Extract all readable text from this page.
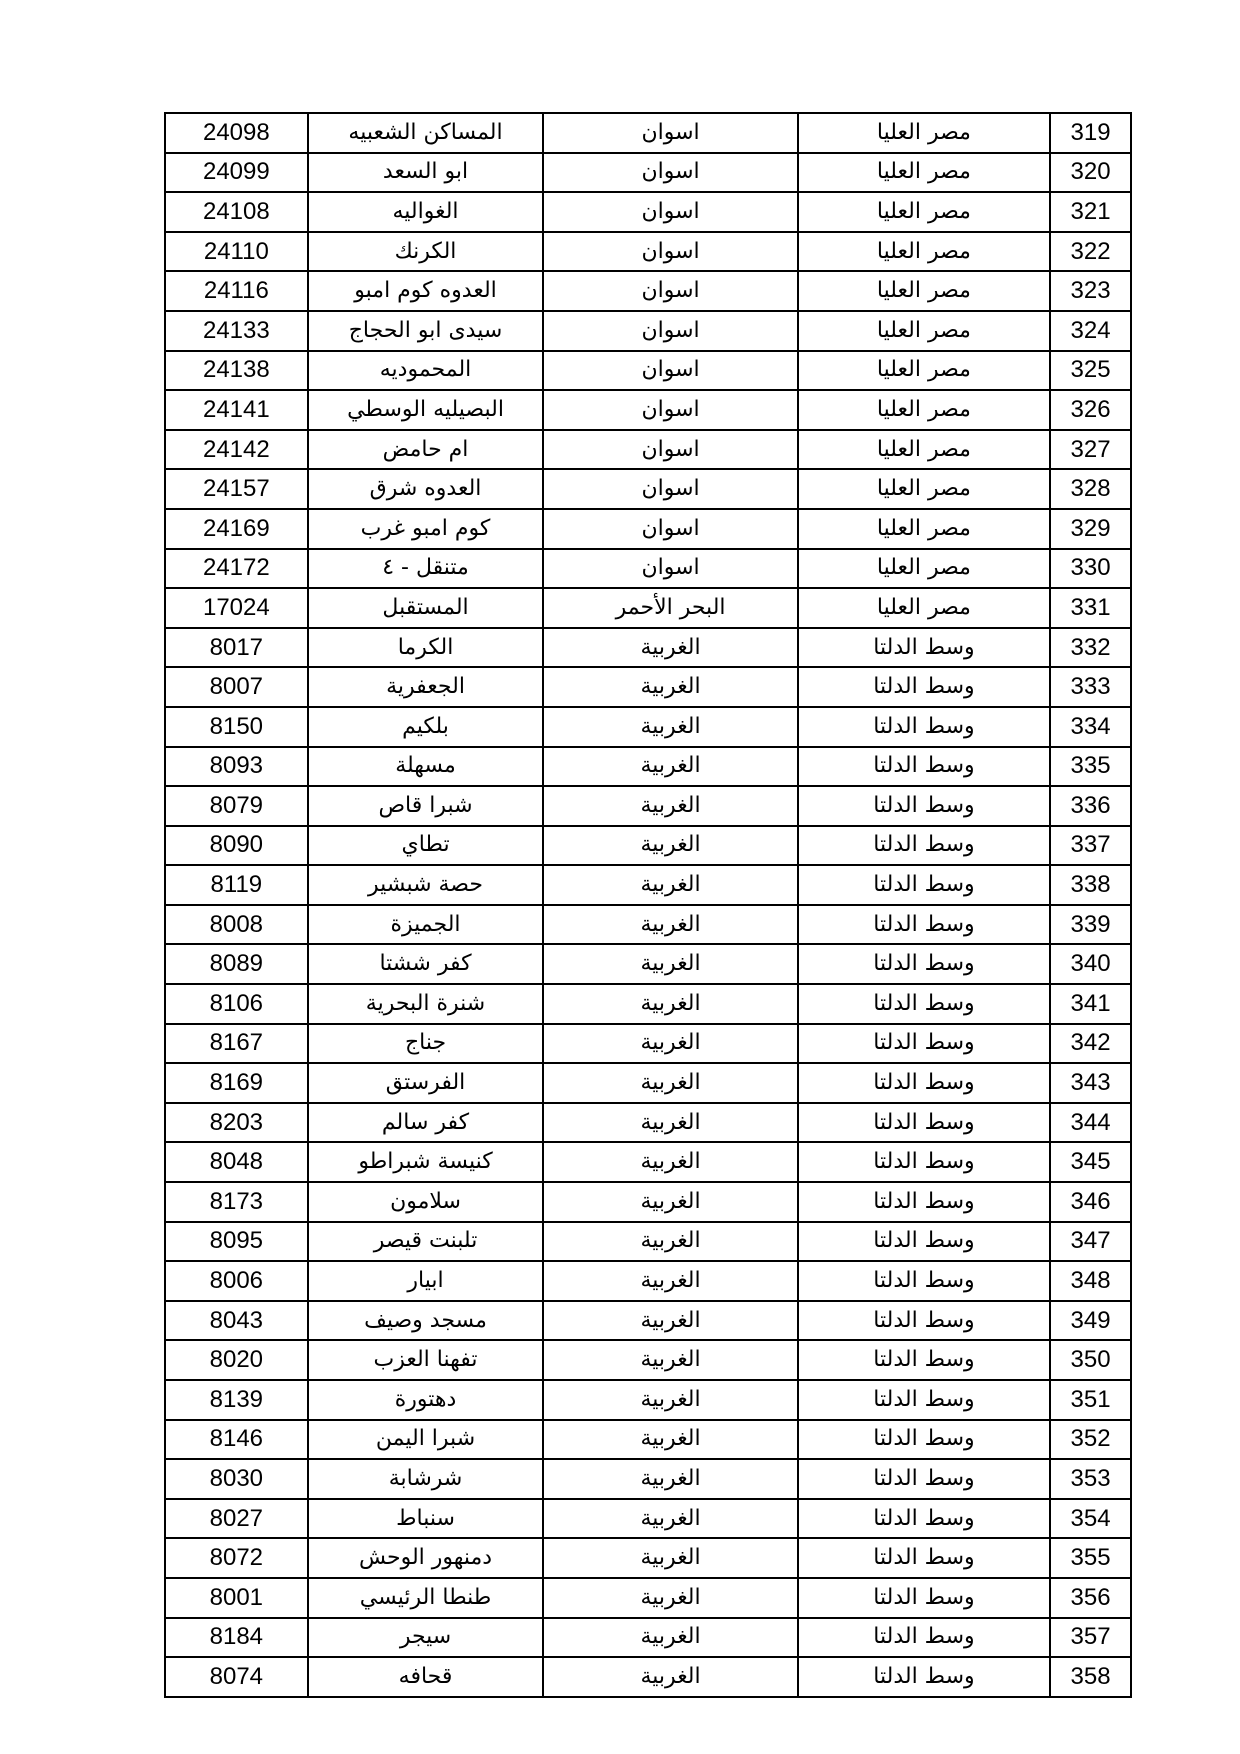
24098	المساكن الشعبيه	اسوان	مصر العليا	319
24099	ابو السعد	اسوان	مصر العليا	320
24108	الغواليه	اسوان	مصر العليا	321
24110	الكرنك	اسوان	مصر العليا	322
24116	العدوه كوم امبو	اسوان	مصر العليا	323
24133	سيدى ابو الحجاج	اسوان	مصر العليا	324
24138	المحموديه	اسوان	مصر العليا	325
24141	البصيليه الوسطي	اسوان	مصر العليا	326
24142	ام حامض	اسوان	مصر العليا	327
24157	العدوه شرق	اسوان	مصر العليا	328
24169	كوم امبو غرب	اسوان	مصر العليا	329
24172	متنقل - ٤	اسوان	مصر العليا	330
17024	المستقبل	البحر الأحمر	مصر العليا	331
8017	الكرما	الغربية	وسط الدلتا	332
8007	الجعفرية	الغربية	وسط الدلتا	333
8150	بلكيم	الغربية	وسط الدلتا	334
8093	مسهلة	الغربية	وسط الدلتا	335
8079	شبرا قاص	الغربية	وسط الدلتا	336
8090	تطاي	الغربية	وسط الدلتا	337
8119	حصة شبشير	الغربية	وسط الدلتا	338
8008	الجميزة	الغربية	وسط الدلتا	339
8089	كفر ششتا	الغربية	وسط الدلتا	340
8106	شنرة البحرية	الغربية	وسط الدلتا	341
8167	جناج	الغربية	وسط الدلتا	342
8169	الفرستق	الغربية	وسط الدلتا	343
8203	كفر سالم	الغربية	وسط الدلتا	344
8048	كنيسة شبراطو	الغربية	وسط الدلتا	345
8173	سلامون	الغربية	وسط الدلتا	346
8095	تلبنت قيصر	الغربية	وسط الدلتا	347
8006	ابيار	الغربية	وسط الدلتا	348
8043	مسجد وصيف	الغربية	وسط الدلتا	349
8020	تفهنا العزب	الغربية	وسط الدلتا	350
8139	دهتورة	الغربية	وسط الدلتا	351
8146	شبرا اليمن	الغربية	وسط الدلتا	352
8030	شرشابة	الغربية	وسط الدلتا	353
8027	سنباط	الغربية	وسط الدلتا	354
8072	دمنهور الوحش	الغربية	وسط الدلتا	355
8001	طنطا الرئيسي	الغربية	وسط الدلتا	356
8184	سيجر	الغربية	وسط الدلتا	357
8074	قحافه	الغربية	وسط الدلتا	358
